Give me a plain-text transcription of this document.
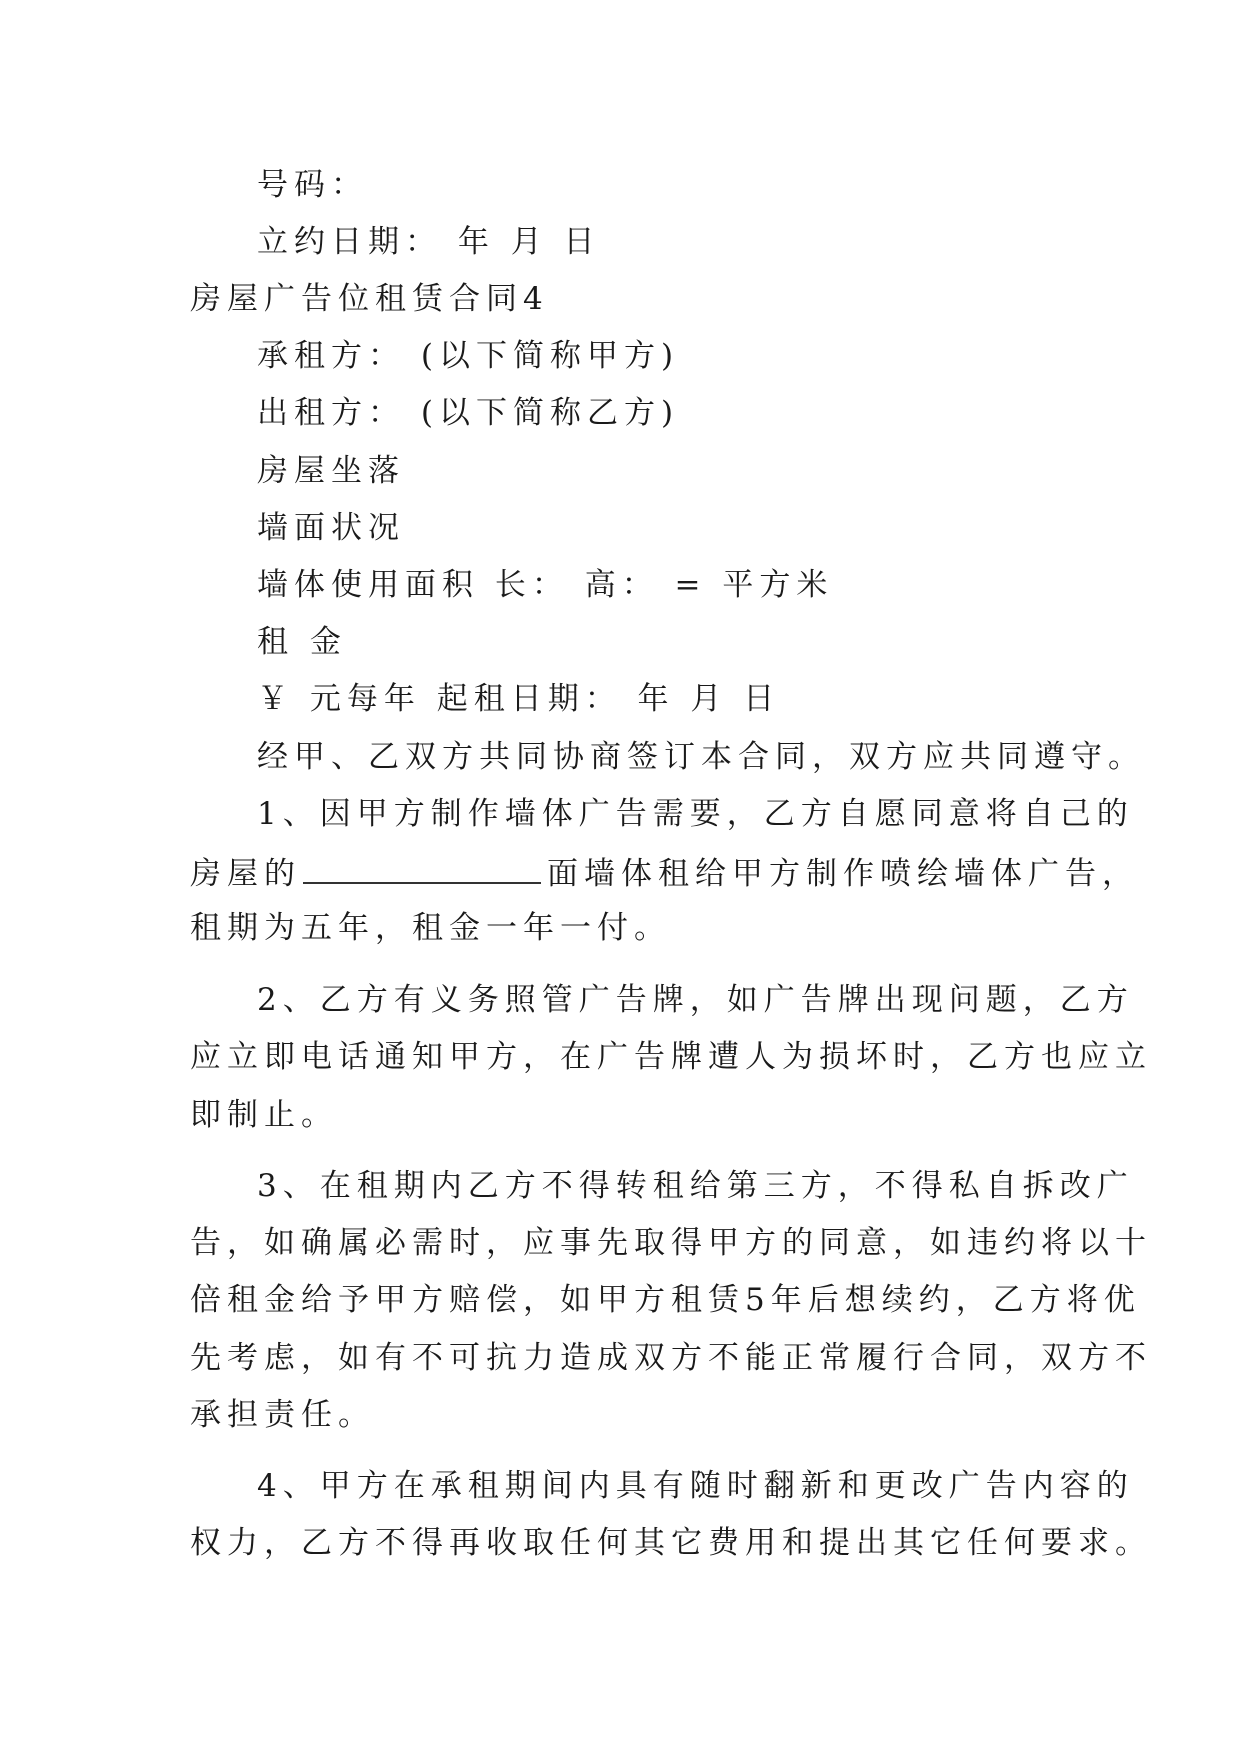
号码：
立约日期： 年 月 日
房屋广告位租赁合同4
承租方： (以下简称甲方)
出租方： (以下简称乙方)
房屋坐落
墙面状况
墙体使用面积 长： 高： = 平方米
租 金
￥ 元每年 起租日期： 年 月 日
经甲、乙双方共同协商签订本合同，双方应共同遵守。
1、因甲方制作墙体广告需要，乙方自愿同意将自己的
房屋的	面墙体租给甲方制作喷绘墙体广告，
租期为五年，租金一年一付。
2、乙方有义务照管广告牌，如广告牌出现问题，乙方
应立即电话通知甲方，在广告牌遭人为损坏时，乙方也应立
即制止。
3、在租期内乙方不得转租给第三方，不得私自拆改广
告，如确属必需时，应事先取得甲方的同意，如违约将以十
倍租金给予甲方赔偿，如甲方租赁5年后想续约，乙方将优
先考虑，如有不可抗力造成双方不能正常履行合同，双方不
承担责任。
4、甲方在承租期间内具有随时翻新和更改广告内容的
权力，乙方不得再收取任何其它费用和提出其它任何要求。
